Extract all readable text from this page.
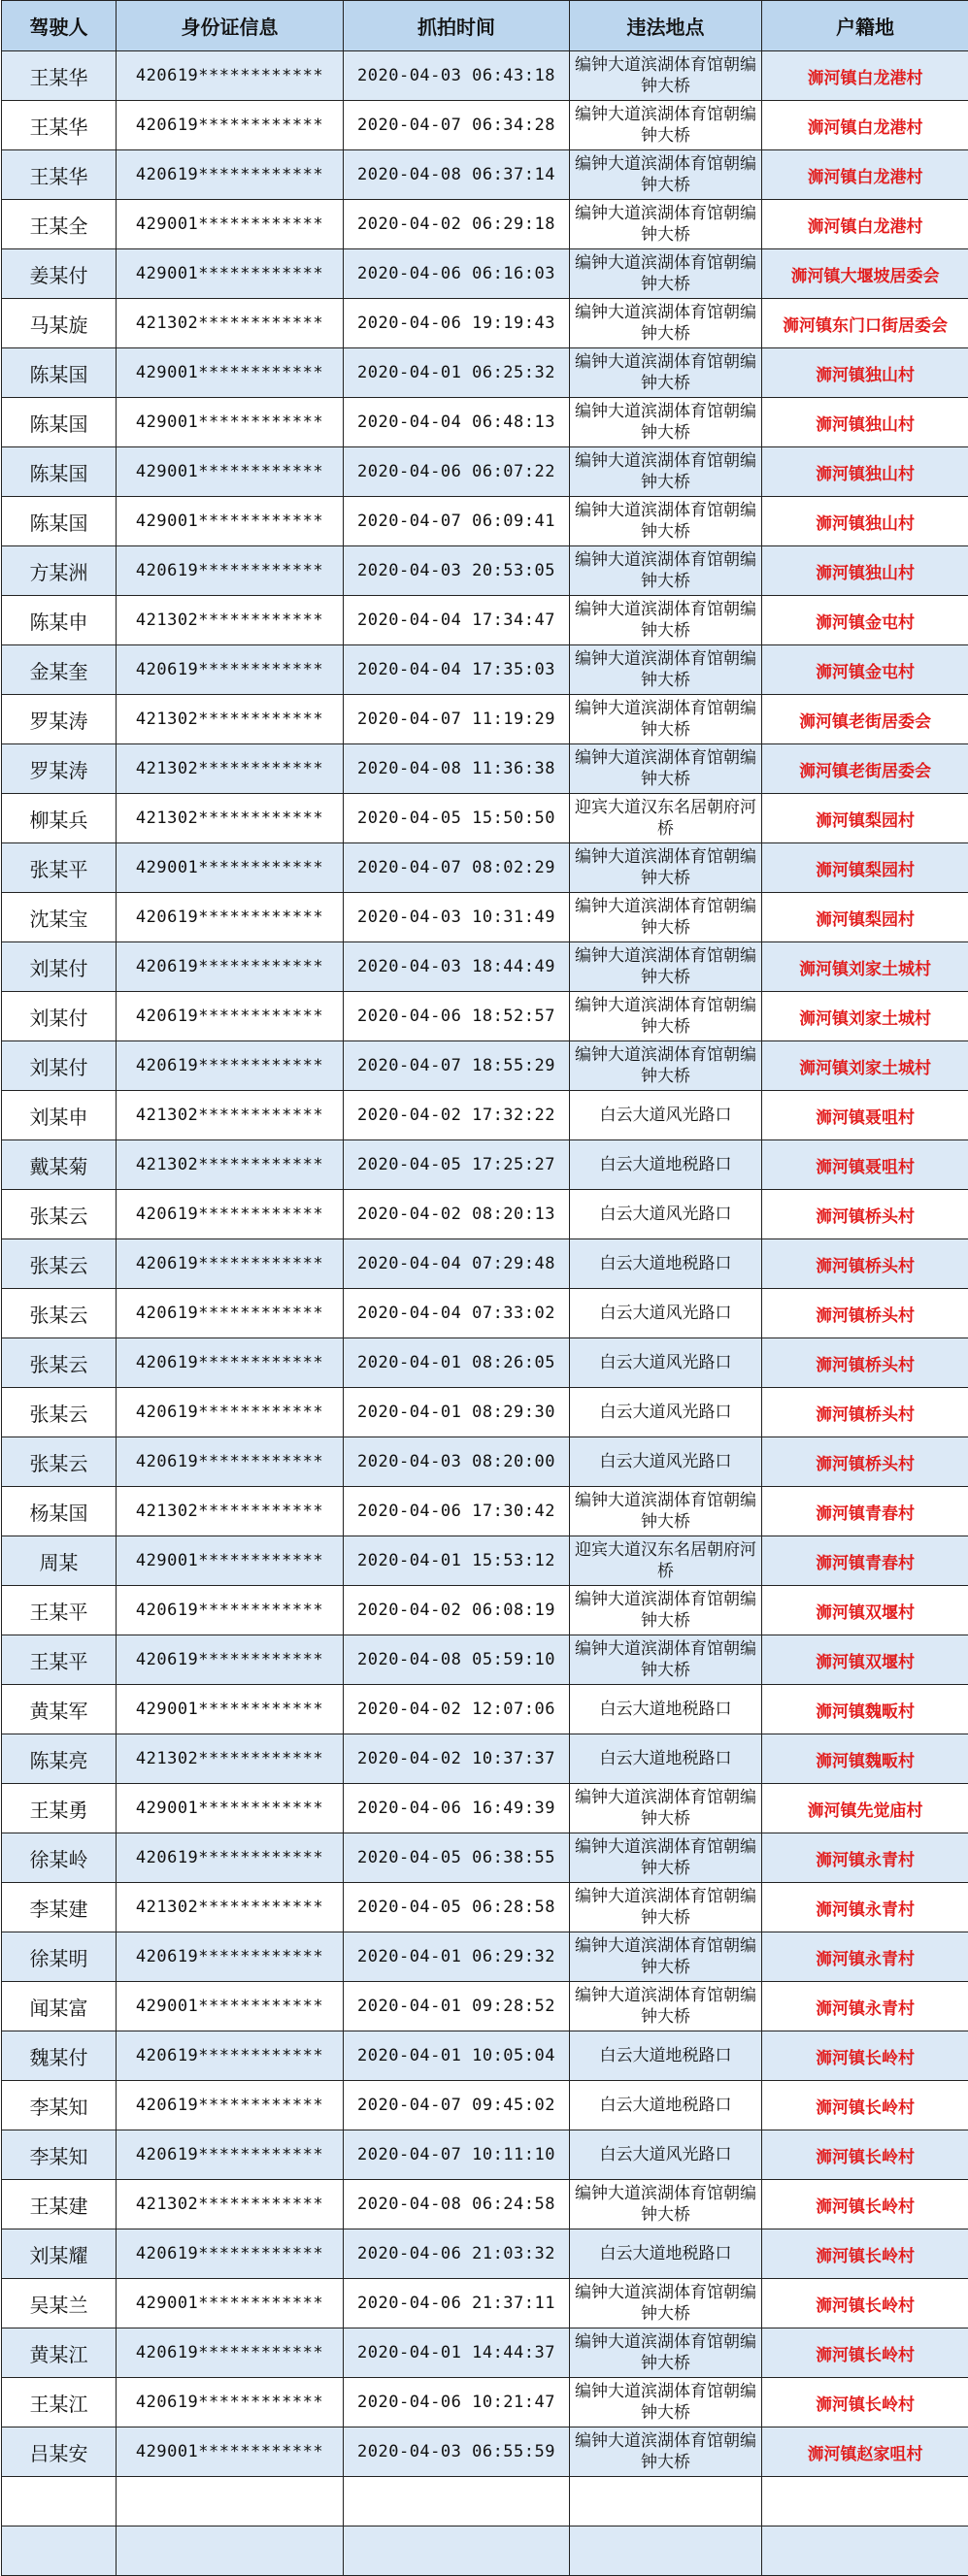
驾驶人	身份证信息	抓拍时间	违法地点	户籍地
王某华	420619************	2020-04-03 06:43:18	编钟大道滨湖体育馆朝编钟大桥	浉河镇白龙港村
王某华	420619************	2020-04-07 06:34:28	编钟大道滨湖体育馆朝编钟大桥	浉河镇白龙港村
王某华	420619************	2020-04-08 06:37:14	编钟大道滨湖体育馆朝编钟大桥	浉河镇白龙港村
王某全	429001************	2020-04-02 06:29:18	编钟大道滨湖体育馆朝编钟大桥	浉河镇白龙港村
姜某付	429001************	2020-04-06 06:16:03	编钟大道滨湖体育馆朝编钟大桥	浉河镇大堰坡居委会
马某旋	421302************	2020-04-06 19:19:43	编钟大道滨湖体育馆朝编钟大桥	浉河镇东门口街居委会
陈某国	429001************	2020-04-01 06:25:32	编钟大道滨湖体育馆朝编钟大桥	浉河镇独山村
陈某国	429001************	2020-04-04 06:48:13	编钟大道滨湖体育馆朝编钟大桥	浉河镇独山村
陈某国	429001************	2020-04-06 06:07:22	编钟大道滨湖体育馆朝编钟大桥	浉河镇独山村
陈某国	429001************	2020-04-07 06:09:41	编钟大道滨湖体育馆朝编钟大桥	浉河镇独山村
方某洲	420619************	2020-04-03 20:53:05	编钟大道滨湖体育馆朝编钟大桥	浉河镇独山村
陈某申	421302************	2020-04-04 17:34:47	编钟大道滨湖体育馆朝编钟大桥	浉河镇金屯村
金某奎	420619************	2020-04-04 17:35:03	编钟大道滨湖体育馆朝编钟大桥	浉河镇金屯村
罗某涛	421302************	2020-04-07 11:19:29	编钟大道滨湖体育馆朝编钟大桥	浉河镇老街居委会
罗某涛	421302************	2020-04-08 11:36:38	编钟大道滨湖体育馆朝编钟大桥	浉河镇老街居委会
柳某兵	421302************	2020-04-05 15:50:50	迎宾大道汉东名居朝府河桥	浉河镇梨园村
张某平	429001************	2020-04-07 08:02:29	编钟大道滨湖体育馆朝编钟大桥	浉河镇梨园村
沈某宝	420619************	2020-04-03 10:31:49	编钟大道滨湖体育馆朝编钟大桥	浉河镇梨园村
刘某付	420619************	2020-04-03 18:44:49	编钟大道滨湖体育馆朝编钟大桥	浉河镇刘家土城村
刘某付	420619************	2020-04-06 18:52:57	编钟大道滨湖体育馆朝编钟大桥	浉河镇刘家土城村
刘某付	420619************	2020-04-07 18:55:29	编钟大道滨湖体育馆朝编钟大桥	浉河镇刘家土城村
刘某申	421302************	2020-04-02 17:32:22	白云大道风光路口	浉河镇聂咀村
戴某菊	421302************	2020-04-05 17:25:27	白云大道地税路口	浉河镇聂咀村
张某云	420619************	2020-04-02 08:20:13	白云大道风光路口	浉河镇桥头村
张某云	420619************	2020-04-04 07:29:48	白云大道地税路口	浉河镇桥头村
张某云	420619************	2020-04-04 07:33:02	白云大道风光路口	浉河镇桥头村
张某云	420619************	2020-04-01 08:26:05	白云大道风光路口	浉河镇桥头村
张某云	420619************	2020-04-01 08:29:30	白云大道风光路口	浉河镇桥头村
张某云	420619************	2020-04-03 08:20:00	白云大道风光路口	浉河镇桥头村
杨某国	421302************	2020-04-06 17:30:42	编钟大道滨湖体育馆朝编钟大桥	浉河镇青春村
周某	429001************	2020-04-01 15:53:12	迎宾大道汉东名居朝府河桥	浉河镇青春村
王某平	420619************	2020-04-02 06:08:19	编钟大道滨湖体育馆朝编钟大桥	浉河镇双堰村
王某平	420619************	2020-04-08 05:59:10	编钟大道滨湖体育馆朝编钟大桥	浉河镇双堰村
黄某军	429001************	2020-04-02 12:07:06	白云大道地税路口	浉河镇魏畈村
陈某亮	421302************	2020-04-02 10:37:37	白云大道地税路口	浉河镇魏畈村
王某勇	429001************	2020-04-06 16:49:39	编钟大道滨湖体育馆朝编钟大桥	浉河镇先觉庙村
徐某岭	420619************	2020-04-05 06:38:55	编钟大道滨湖体育馆朝编钟大桥	浉河镇永青村
李某建	421302************	2020-04-05 06:28:58	编钟大道滨湖体育馆朝编钟大桥	浉河镇永青村
徐某明	420619************	2020-04-01 06:29:32	编钟大道滨湖体育馆朝编钟大桥	浉河镇永青村
闻某富	429001************	2020-04-01 09:28:52	编钟大道滨湖体育馆朝编钟大桥	浉河镇永青村
魏某付	420619************	2020-04-01 10:05:04	白云大道地税路口	浉河镇长岭村
李某知	420619************	2020-04-07 09:45:02	白云大道地税路口	浉河镇长岭村
李某知	420619************	2020-04-07 10:11:10	白云大道风光路口	浉河镇长岭村
王某建	421302************	2020-04-08 06:24:58	编钟大道滨湖体育馆朝编钟大桥	浉河镇长岭村
刘某耀	420619************	2020-04-06 21:03:32	白云大道地税路口	浉河镇长岭村
吴某兰	429001************	2020-04-06 21:37:11	编钟大道滨湖体育馆朝编钟大桥	浉河镇长岭村
黄某江	420619************	2020-04-01 14:44:37	编钟大道滨湖体育馆朝编钟大桥	浉河镇长岭村
王某江	420619************	2020-04-06 10:21:47	编钟大道滨湖体育馆朝编钟大桥	浉河镇长岭村
吕某安	429001************	2020-04-03 06:55:59	编钟大道滨湖体育馆朝编钟大桥	浉河镇赵家咀村
